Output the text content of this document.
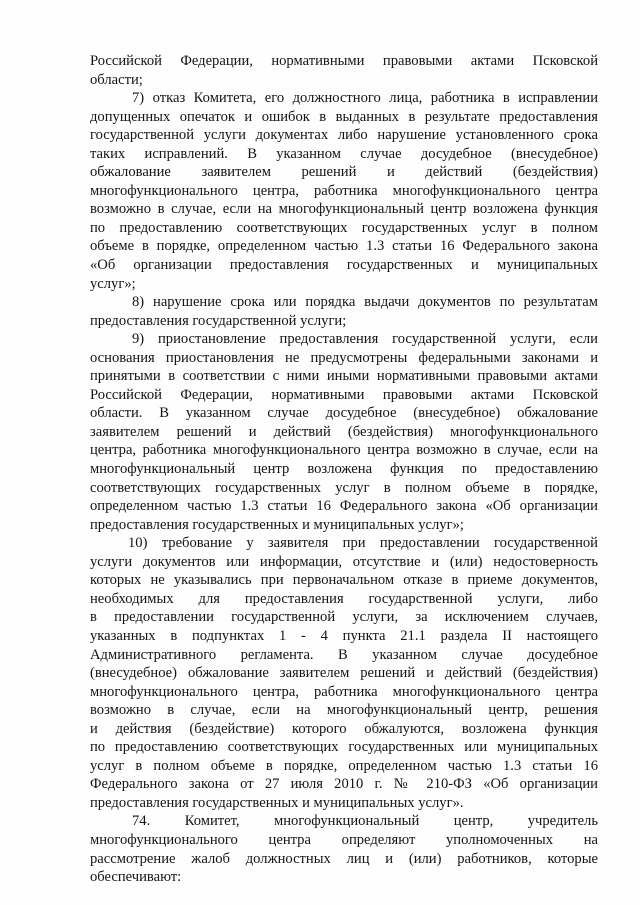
Российской Федерации, нормативными правовыми актами Псковской
области;
7) отказ Комитета, его должностного лица, работника в исправлении
допущенных опечаток и ошибок в выданных в результате предоставления
государственной услуги документах либо нарушение установленного срока
таких исправлений. В указанном случае досудебное (внесудебное)
обжалование заявителем решений и действий (бездействия)
многофункционального центра, работника многофункционального центра
возможно в случае, если на многофункциональный центр возложена функция
по предоставлению соответствующих государственных услуг в полном
объеме в порядке, определенном частью 1.3 статьи 16 Федерального закона
«Об организации предоставления государственных и муниципальных
услуг»;
8) нарушение срока или порядка выдачи документов по результатам
предоставления государственной услуги;
9) приостановление предоставления государственной услуги, если
основания приостановления не предусмотрены федеральными законами и
принятыми в соответствии с ними иными нормативными правовыми актами
Российской Федерации, нормативными правовыми актами Псковской
области. В указанном случае досудебное (внесудебное) обжалование
заявителем решений и действий (бездействия) многофункционального
центра, работника многофункционального центра возможно в случае, если на
многофункциональный центр возложена функция по предоставлению
соответствующих государственных услуг в полном объеме в порядке,
определенном частью 1.3 статьи 16 Федерального закона «Об организации
предоставления государственных и муниципальных услуг»;
10) требование у заявителя при предоставлении государственной
услуги документов или информации, отсутствие и (или) недостоверность
которых не указывались при первоначальном отказе в приеме документов,
необходимых для предоставления государственной услуги, либо
в предоставлении государственной услуги, за исключением случаев,
указанных в подпунктах 1 - 4 пункта 21.1 раздела II настоящего
Административного регламента. В указанном случае досудебное
(внесудебное) обжалование заявителем решений и действий (бездействия)
многофункционального центра, работника многофункционального центра
возможно в случае, если на многофункциональный центр, решения
и действия (бездействие) которого обжалуются, возложена функция
по предоставлению соответствующих государственных или муниципальных
услуг в полном объеме в порядке, определенном частью 1.3 статьи 16
Федерального закона от 27 июля 2010 г. № 210-ФЗ «Об организации
предоставления государственных и муниципальных услуг».
74. Комитет, многофункциональный центр, учредитель
многофункционального центра определяют уполномоченных на
рассмотрение жалоб должностных лиц и (или) работников, которые
обеспечивают:
